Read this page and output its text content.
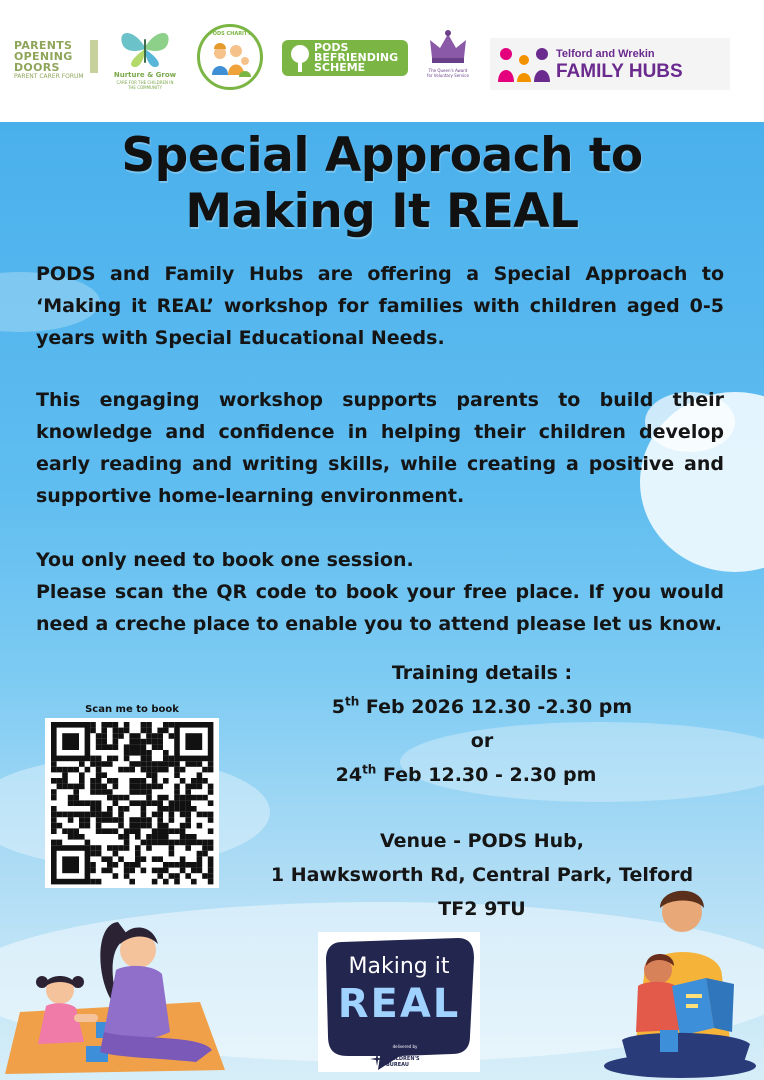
PARENTS
OPENING
DOORS
PARENT CARER FORUM	Nurture & Grow
CARE FOR THE CHILDREN IN THE COMMUNITY
PODS CHARITY
PODS
BEFRIENDING
SCHEME	The Queen's Award
for Voluntary Service
Telford and Wrekin
FAMILY HUBS
Special Approach to
Making It REAL
PODS and Family Hubs are offering a Special Approach to ‘Making it REAL’ workshop for families with children aged 0-5 years with Special Educational Needs.
This engaging workshop supports parents to build their knowledge and confidence in helping their children develop early reading and writing skills, while creating a positive and supportive home-learning environment.
You only need to book one session.
Please scan the QR code to book your free place. If you would need a creche place to enable you to attend please let us know.
Scan me to book
Training details :
5th Feb 2026 12.30 -2.30 pm
or
24th Feb 12.30 - 2.30 pm
Venue - PODS Hub,
1 Hawksworth Rd, Central Park, Telford
TF2 9TU
Making it
REAL
delivered by
NATIONAL
CHILDREN'S
BUREAU
